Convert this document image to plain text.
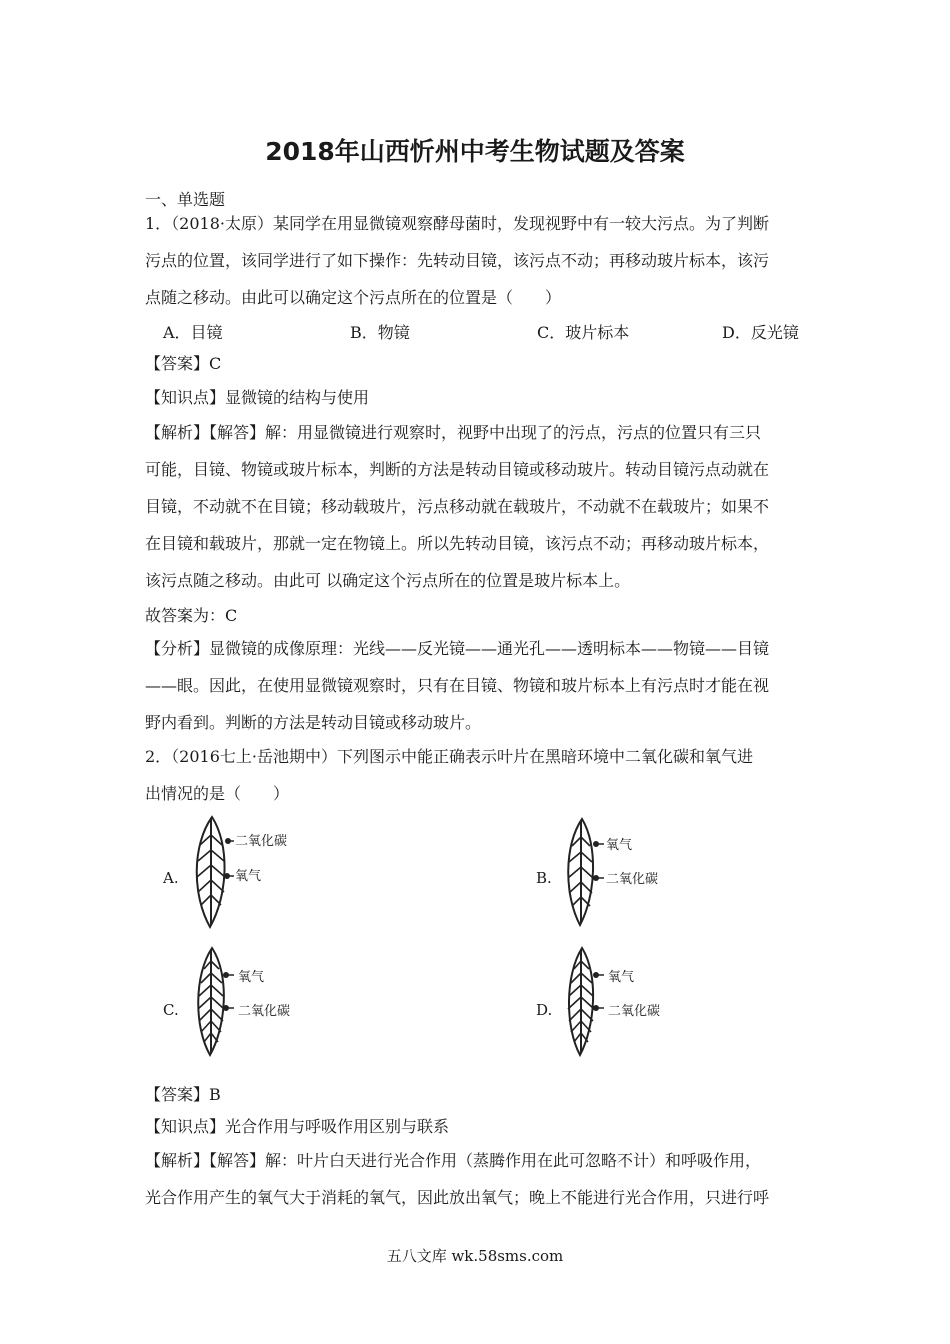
2018年山西忻州中考生物试题及答案
一、单选题
1．（2018·太原）某同学在用显微镜观察酵母菌时，发现视野中有一较大污点。为了判断
污点的位置，该同学进行了如下操作：先转动目镜，该污点不动；再移动玻片标本，该污
点随之移动。由此可以确定这个污点所在的位置是（　　）
A．目镜	B．物镜	C．玻片标本	D．反光镜
【答案】C
【知识点】显微镜的结构与使用
【解析】【解答】解：用显微镜进行观察时，视野中出现了的污点，污点的位置只有三只
可能，目镜、物镜或玻片标本，判断的方法是转动目镜或移动玻片。转动目镜污点动就在
目镜，不动就不在目镜；移动载玻片，污点移动就在载玻片，不动就不在载玻片；如果不
在目镜和载玻片，那就一定在物镜上。所以先转动目镜，该污点不动；再移动玻片标本，
该污点随之移动。由此可 以确定这个污点所在的位置是玻片标本上。
故答案为：C
【分析】显微镜的成像原理：光线——反光镜——通光孔——透明标本——物镜——目镜
——眼。因此，在使用显微镜观察时，只有在目镜、物镜和玻片标本上有污点时才能在视
野内看到。判断的方法是转动目镜或移动玻片。
2．（2016七上·岳池期中）下列图示中能正确表示叶片在黑暗环境中二氧化碳和氧气进
出情况的是（　　）
A.
二氧化碳
氧气	B.
氧气
二氧化碳
C.
氧气
二氧化碳	D.
氧气
二氧化碳
【答案】B
【知识点】光合作用与呼吸作用区别与联系
【解析】【解答】解：叶片白天进行光合作用（蒸腾作用在此可忽略不计）和呼吸作用，
光合作用产生的氧气大于消耗的氧气，因此放出氧气；晚上不能进行光合作用，只进行呼
五八文库 wk.58sms.com
